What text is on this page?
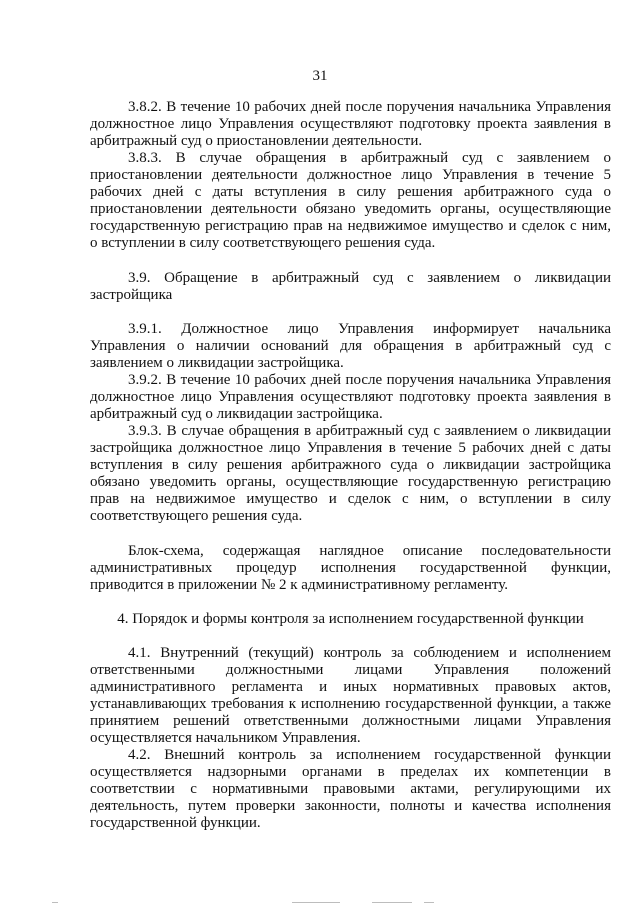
31
3.8.2. В течение 10 рабочих дней после поручения начальника Управления
должностное лицо Управления осуществляют подготовку проекта заявления в
арбитражный суд о приостановлении деятельности.
3.8.3. В случае обращения в арбитражный суд с заявлением о
приостановлении деятельности должностное лицо Управления в течение 5
рабочих дней с даты вступления в силу решения арбитражного суда о
приостановлении деятельности обязано уведомить органы, осуществляющие
государственную регистрацию прав на недвижимое имущество и сделок с ним,
о вступлении в силу соответствующего решения суда.
3.9. Обращение в арбитражный суд с заявлением о ликвидации
застройщика
3.9.1. Должностное лицо Управления информирует начальника
Управления о наличии оснований для обращения в арбитражный суд с
заявлением о ликвидации застройщика.
3.9.2. В течение 10 рабочих дней после поручения начальника Управления
должностное лицо Управления осуществляют подготовку проекта заявления в
арбитражный суд о ликвидации застройщика.
3.9.3. В случае обращения в арбитражный суд с заявлением о ликвидации
застройщика должностное лицо Управления в течение 5 рабочих дней с даты
вступления в силу решения арбитражного суда о ликвидации застройщика
обязано уведомить органы, осуществляющие государственную регистрацию
прав на недвижимое имущество и сделок с ним, о вступлении в силу
соответствующего решения суда.
Блок-схема, содержащая наглядное описание последовательности
административных процедур исполнения государственной функции,
приводится в приложении № 2 к административному регламенту.
4. Порядок и формы контроля за исполнением государственной функции
4.1. Внутренний (текущий) контроль за соблюдением и исполнением
ответственными должностными лицами Управления положений
административного регламента и иных нормативных правовых актов,
устанавливающих требования к исполнению государственной функции, а также
принятием решений ответственными должностными лицами Управления
осуществляется начальником Управления.
4.2. Внешний контроль за исполнением государственной функции
осуществляется надзорными органами в пределах их компетенции в
соответствии с нормативными правовыми актами, регулирующими их
деятельность, путем проверки законности, полноты и качества исполнения
государственной функции.
